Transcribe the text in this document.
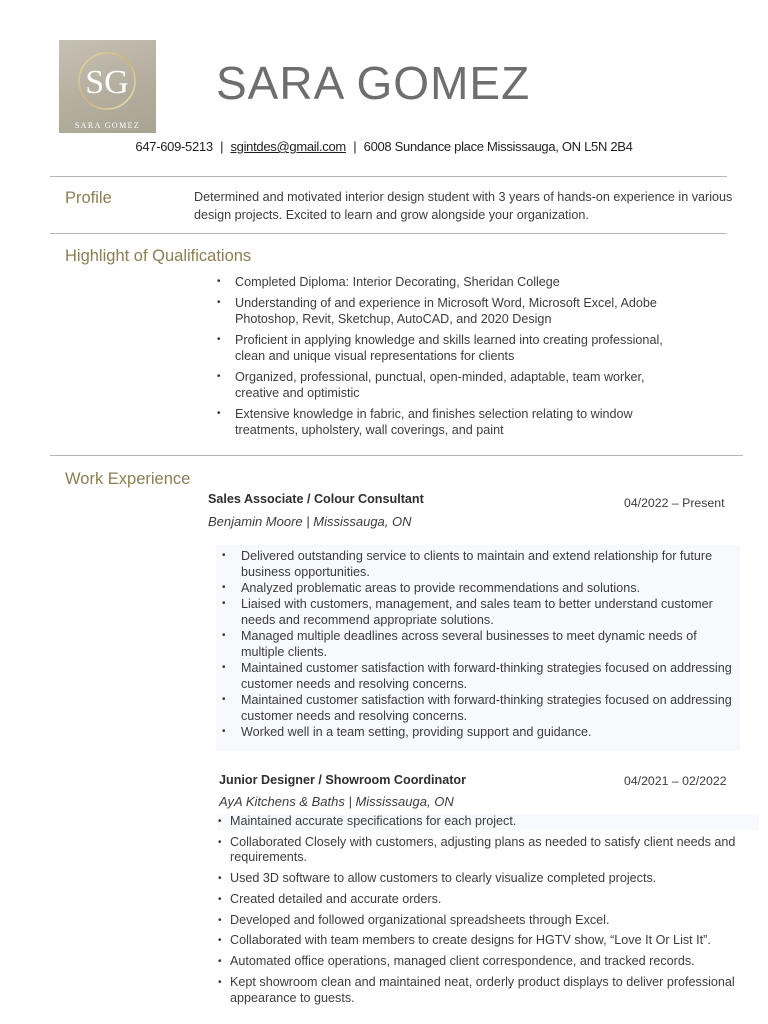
SG
SARA GOMEZ
SARA GOMEZ
647-609-5213 | sgintdes@gmail.com | 6008 Sundance place Mississauga, ON L5N 2B4
Profile	Determined and motivated interior design student with 3 years of hands-on experience in various design projects. Excited to learn and grow alongside your organization.
Highlight of Qualifications
• Completed Diploma: Interior Decorating, Sheridan College
• Understanding of and experience in Microsoft Word, Microsoft Excel, Adobe Photoshop, Revit, Sketchup, AutoCAD, and 2020 Design
• Proficient in applying knowledge and skills learned into creating professional, clean and unique visual representations for clients
• Organized, professional, punctual, open-minded, adaptable, team worker, creative and optimistic
• Extensive knowledge in fabric, and finishes selection relating to window treatments, upholstery, wall coverings, and paint
Work Experience
Sales Associate / Colour Consultant	04/2022 – Present
Benjamin Moore | Mississauga, ON
• Delivered outstanding service to clients to maintain and extend relationship for future business opportunities.
• Analyzed problematic areas to provide recommendations and solutions.
• Liaised with customers, management, and sales team to better understand customer needs and recommend appropriate solutions.
• Managed multiple deadlines across several businesses to meet dynamic needs of multiple clients.
• Maintained customer satisfaction with forward-thinking strategies focused on addressing customer needs and resolving concerns.
• Maintained customer satisfaction with forward-thinking strategies focused on addressing customer needs and resolving concerns.
• Worked well in a team setting, providing support and guidance.
Junior Designer / Showroom Coordinator	04/2021 – 02/2022
AyA Kitchens & Baths | Mississauga, ON
• Maintained accurate specifications for each project.
• Collaborated Closely with customers, adjusting plans as needed to satisfy client needs and requirements.
• Used 3D software to allow customers to clearly visualize completed projects.
• Created detailed and accurate orders.
• Developed and followed organizational spreadsheets through Excel.
• Collaborated with team members to create designs for HGTV show, “Love It Or List It”.
• Automated office operations, managed client correspondence, and tracked records.
• Kept showroom clean and maintained neat, orderly product displays to deliver professional appearance to guests.
